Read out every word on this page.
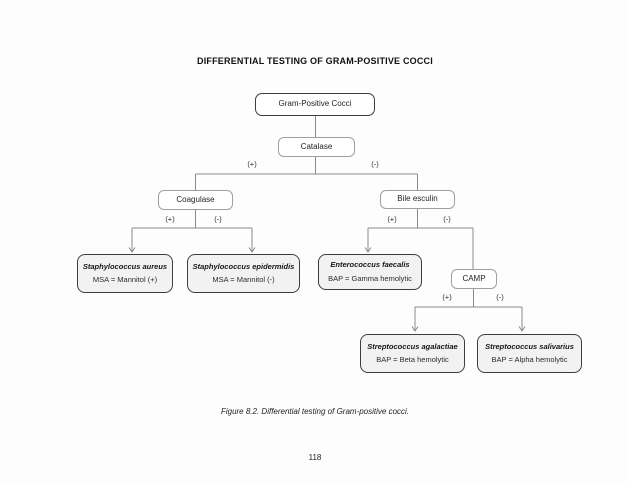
DIFFERENTIAL TESTING OF GRAM-POSITIVE COCCI
Gram-Positive Cocci
Catalase
Coagulase	Bile esculin
CAMP
(+)	(-)
(+)	(-)	(+)	(-)
(+)	(-)
Staphylococcus aureus
MSA = Mannitol (+)
Staphylococcus epidermidis
MSA = Mannitol (-)
Enterococcus faecalis
BAP = Gamma hemolytic
Streptococcus agalactiae
BAP = Beta hemolytic
Streptococcus salivarius
BAP = Alpha hemolytic
Figure 8.2. Differential testing of Gram-positive cocci.
118
